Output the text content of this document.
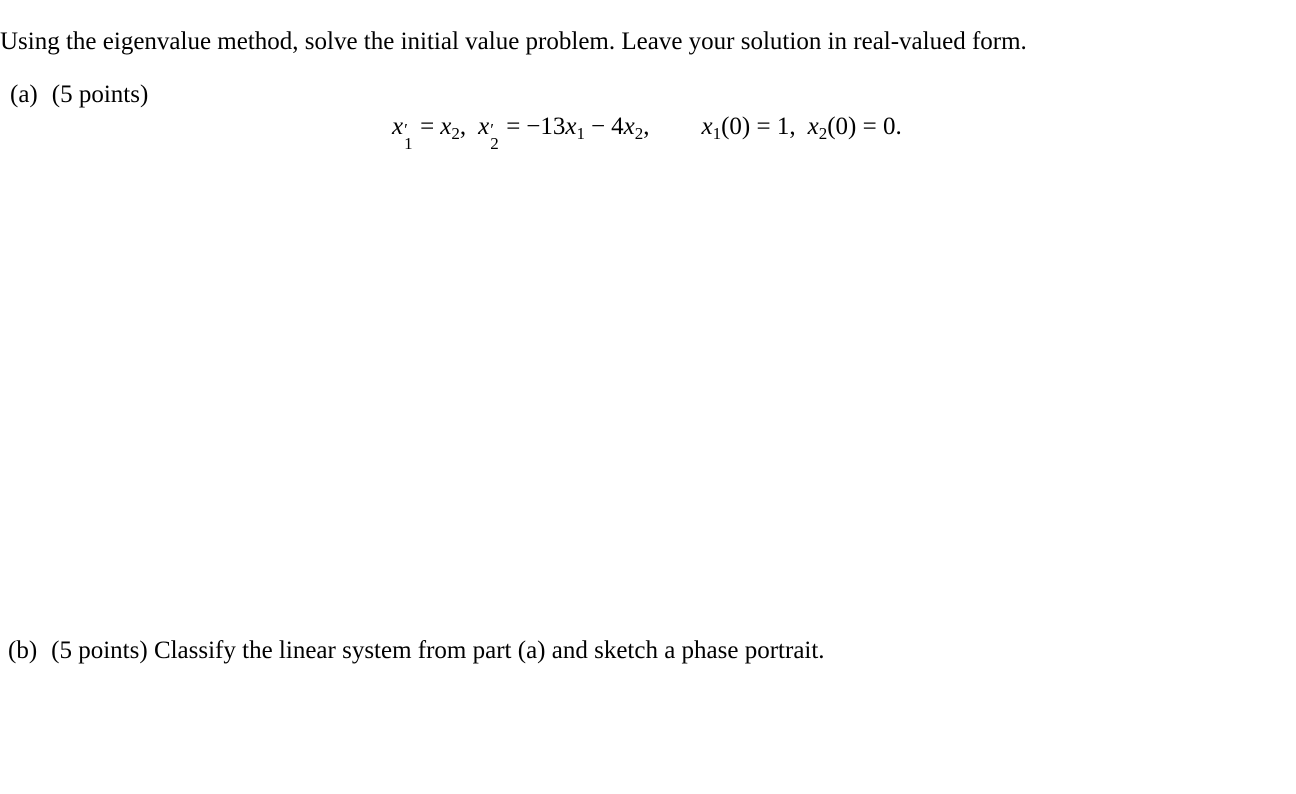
Using the eigenvalue method, solve the initial value problem. Leave your solution in real-valued form.
(a) (5 points)
x ′
1
= $x_2$, x ′
2
= $-13x_1 - 4x_2$, $x_1(0) = 1$, $x_2(0) = 0$.
(b) (5 points) Classify the linear system from part (a) and sketch a phase portrait.
